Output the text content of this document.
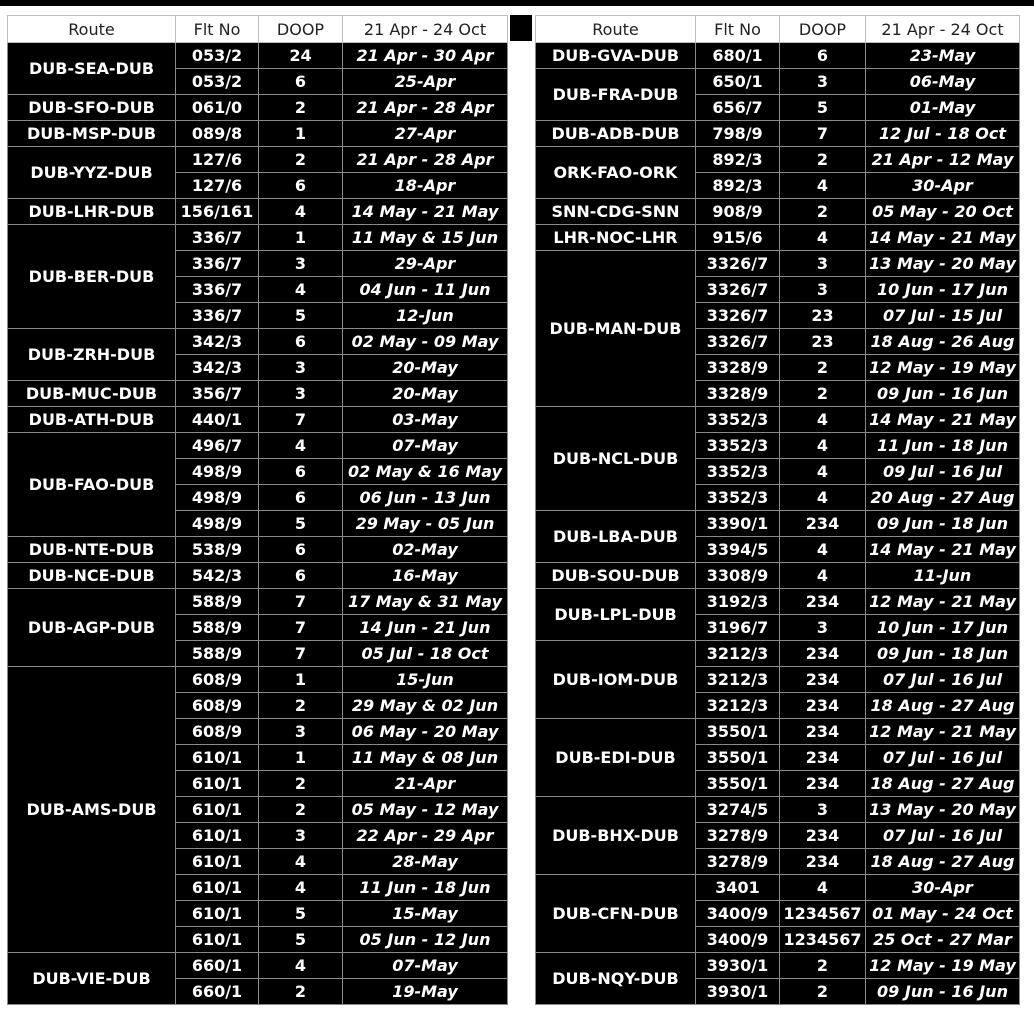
Route	Flt No	DOOP	21 Apr - 24 Oct
DUB-SEA-DUB	053/2	24	21 Apr - 30 Apr
	053/2	6	25-Apr
DUB-SFO-DUB	061/0	2	21 Apr - 28 Apr
DUB-MSP-DUB	089/8	1	27-Apr
DUB-YYZ-DUB	127/6	2	21 Apr - 28 Apr
	127/6	6	18-Apr
DUB-LHR-DUB	156/161	4	14 May - 21 May
DUB-BER-DUB	336/7	1	11 May & 15 Jun
	336/7	3	29-Apr
	336/7	4	04 Jun - 11 Jun
	336/7	5	12-Jun
DUB-ZRH-DUB	342/3	6	02 May - 09 May
	342/3	3	20-May
DUB-MUC-DUB	356/7	3	20-May
DUB-ATH-DUB	440/1	7	03-May
DUB-FAO-DUB	496/7	4	07-May
	498/9	6	02 May & 16 May
	498/9	6	06 Jun - 13 Jun
	498/9	5	29 May - 05 Jun
DUB-NTE-DUB	538/9	6	02-May
DUB-NCE-DUB	542/3	6	16-May
DUB-AGP-DUB	588/9	7	17 May & 31 May
	588/9	7	14 Jun - 21 Jun
	588/9	7	05 Jul - 18 Oct
DUB-AMS-DUB	608/9	1	15-Jun
	608/9	2	29 May & 02 Jun
	608/9	3	06 May - 20 May
	610/1	1	11 May & 08 Jun
	610/1	2	21-Apr
	610/1	2	05 May - 12 May
	610/1	3	22 Apr - 29 Apr
	610/1	4	28-May
	610/1	4	11 Jun - 18 Jun
	610/1	5	15-May
	610/1	5	05 Jun - 12 Jun
DUB-VIE-DUB	660/1	4	07-May
	660/1	2	19-May
Route	Flt No	DOOP	21 Apr - 24 Oct
DUB-GVA-DUB	680/1	6	23-May
DUB-FRA-DUB	650/1	3	06-May
	656/7	5	01-May
DUB-ADB-DUB	798/9	7	12 Jul - 18 Oct
ORK-FAO-ORK	892/3	2	21 Apr - 12 May
	892/3	4	30-Apr
SNN-CDG-SNN	908/9	2	05 May - 20 Oct
LHR-NOC-LHR	915/6	4	14 May - 21 May
DUB-MAN-DUB	3326/7	3	13 May - 20 May
	3326/7	3	10 Jun - 17 Jun
	3326/7	23	07 Jul - 15 Jul
	3326/7	23	18 Aug - 26 Aug
	3328/9	2	12 May - 19 May
	3328/9	2	09 Jun - 16 Jun
DUB-NCL-DUB	3352/3	4	14 May - 21 May
	3352/3	4	11 Jun - 18 Jun
	3352/3	4	09 Jul - 16 Jul
	3352/3	4	20 Aug - 27 Aug
DUB-LBA-DUB	3390/1	234	09 Jun - 18 Jun
	3394/5	4	14 May - 21 May
DUB-SOU-DUB	3308/9	4	11-Jun
DUB-LPL-DUB	3192/3	234	12 May - 21 May
	3196/7	3	10 Jun - 17 Jun
DUB-IOM-DUB	3212/3	234	09 Jun - 18 Jun
	3212/3	234	07 Jul - 16 Jul
	3212/3	234	18 Aug - 27 Aug
DUB-EDI-DUB	3550/1	234	12 May - 21 May
	3550/1	234	07 Jul - 16 Jul
	3550/1	234	18 Aug - 27 Aug
DUB-BHX-DUB	3274/5	3	13 May - 20 May
	3278/9	234	07 Jul - 16 Jul
	3278/9	234	18 Aug - 27 Aug
DUB-CFN-DUB	3401	4	30-Apr
	3400/9	1234567	01 May - 24 Oct
	3400/9	1234567	25 Oct - 27 Mar
DUB-NQY-DUB	3930/1	2	12 May - 19 May
	3930/1	2	09 Jun - 16 Jun
